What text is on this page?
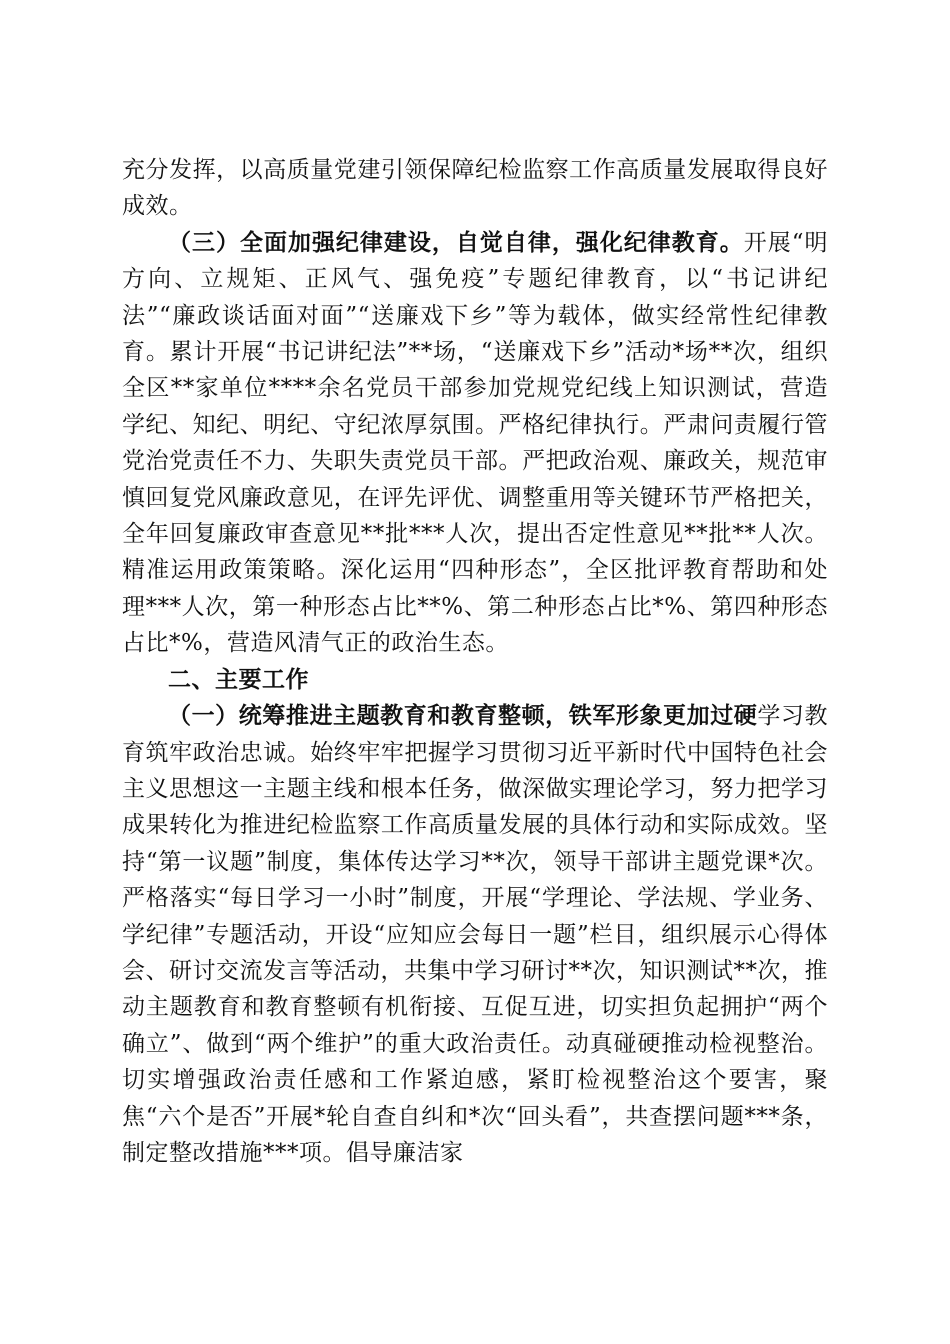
充分发挥，以高质量党建引领保障纪检监察工作高质量发展取得良好成效。

（三）全面加强纪律建设，自觉自律，强化纪律教育。开展“明方向、立规矩、正风气、强免疫”专题纪律教育，以“书记讲纪法”“廉政谈话面对面”“送廉戏下乡”等为载体，做实经常性纪律教育。累计开展“书记讲纪法”**场，“送廉戏下乡”活动*场**次，组织全区**家单位****余名党员干部参加党规党纪线上知识测试，营造学纪、知纪、明纪、守纪浓厚氛围。严格纪律执行。严肃问责履行管党治党责任不力、失职失责党员干部。严把政治观、廉政关，规范审慎回复党风廉政意见，在评先评优、调整重用等关键环节严格把关，全年回复廉政审查意见**批***人次，提出否定性意见**批**人次。精准运用政策策略。深化运用“四种形态”，全区批评教育帮助和处理***人次，第一种形态占比**%、第二种形态占比*%、第四种形态占比*%，营造风清气正的政治生态。

二、主要工作

（一）统筹推进主题教育和教育整顿，铁军形象更加过硬学习教育筑牢政治忠诚。始终牢牢把握学习贯彻习近平新时代中国特色社会主义思想这一主题主线和根本任务，做深做实理论学习，努力把学习成果转化为推进纪检监察工作高质量发展的具体行动和实际成效。坚持“第一议题”制度，集体传达学习**次，领导干部讲主题党课*次。严格落实“每日学习一小时”制度，开展“学理论、学法规、学业务、学纪律”专题活动，开设“应知应会每日一题”栏目，组织展示心得体会、研讨交流发言等活动，共集中学习研讨**次，知识测试**次，推动主题教育和教育整顿有机衔接、互促互进，切实担负起拥护“两个确立”、做到“两个维护”的重大政治责任。动真碰硬推动检视整治。切实增强政治责任感和工作紧迫感，紧盯检视整治这个要害，聚焦“六个是否”开展*轮自查自纠和*次“回头看”，共查摆问题***条，制定整改措施***项。倡导廉洁家
